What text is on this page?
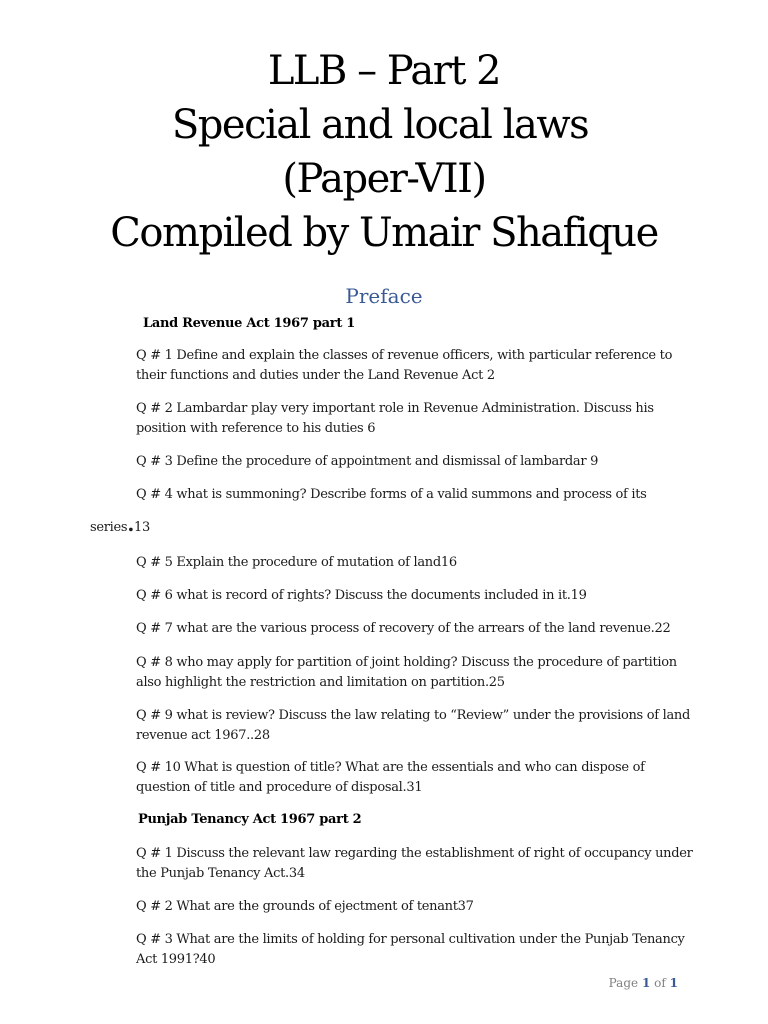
LLB – Part 2
Special and local laws
(Paper-VII)
Compiled by Umair Shafique
Preface
Land Revenue Act 1967 part 1
Q # 1 Define and explain the classes of revenue officers, with particular reference to their functions and duties under the Land Revenue Act 2
Q # 2 Lambardar play very important role in Revenue Administration. Discuss his position with reference to his duties 6
Q # 3 Define the procedure of appointment and dismissal of lambardar 9
Q # 4 what is summoning? Describe forms of a valid summons and process of its
series.13
Q # 5 Explain the procedure of mutation of land16
Q # 6 what is record of rights? Discuss the documents included in it.19
Q # 7 what are the various process of recovery of the arrears of the land revenue.22
Q # 8 who may apply for partition of joint holding? Discuss the procedure of partition also highlight the restriction and limitation on partition.25
Q # 9 what is review? Discuss the law relating to “Review” under the provisions of land revenue act 1967..28
Q # 10 What is question of title? What are the essentials and who can dispose of question of title and procedure of disposal.31
Punjab Tenancy Act 1967 part 2
Q # 1 Discuss the relevant law regarding the establishment of right of occupancy under the Punjab Tenancy Act.34
Q # 2 What are the grounds of ejectment of tenant37
Q # 3 What are the limits of holding for personal cultivation under the Punjab Tenancy Act 1991?40
Page 1 of 1
